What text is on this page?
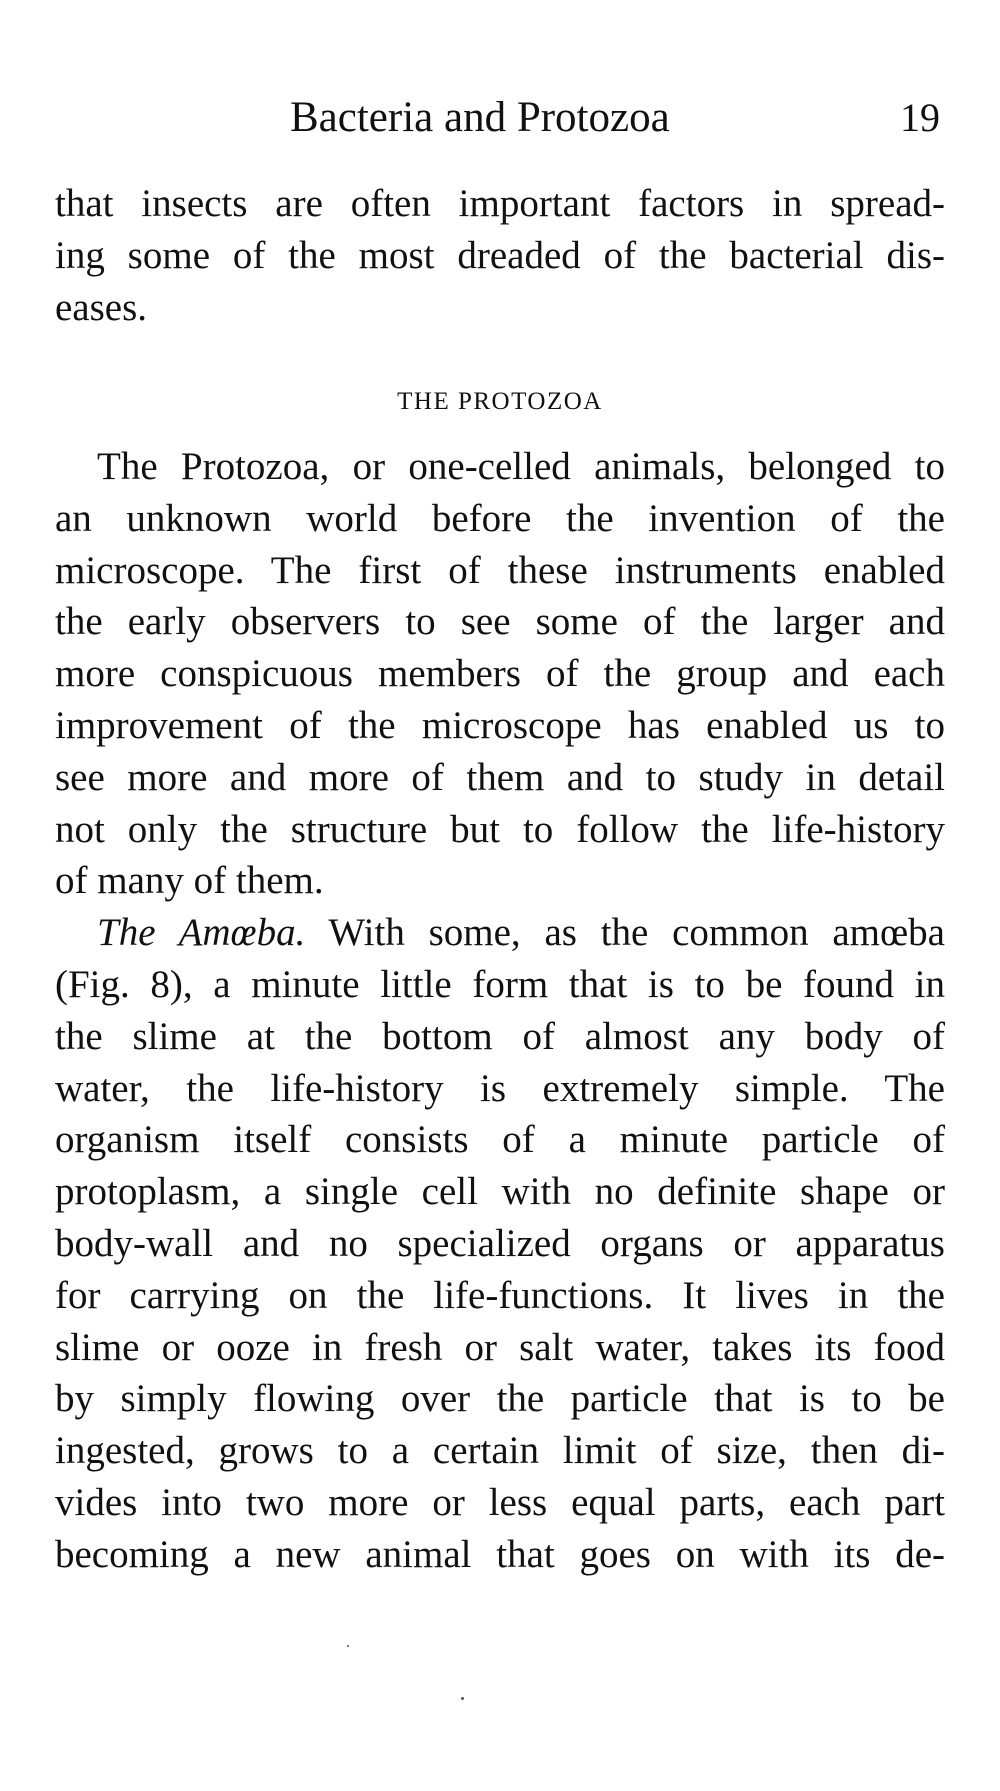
Bacteria and Protozoa	19
that insects are often important factors in spread-
ing some of the most dreaded of the bacterial dis-
eases.
THE PROTOZOA
The Protozoa, or one-celled animals, belonged to
an unknown world before the invention of the
microscope. The first of these instruments enabled
the early observers to see some of the larger and
more conspicuous members of the group and each
improvement of the microscope has enabled us to
see more and more of them and to study in detail
not only the structure but to follow the life-history
of many of them.
The Amœba. With some, as the common amœba
(Fig. 8), a minute little form that is to be found in
the slime at the bottom of almost any body of
water, the life-history is extremely simple. The
organism itself consists of a minute particle of
protoplasm, a single cell with no definite shape or
body-wall and no specialized organs or apparatus
for carrying on the life-functions. It lives in the
slime or ooze in fresh or salt water, takes its food
by simply flowing over the particle that is to be
ingested, grows to a certain limit of size, then di-
vides into two more or less equal parts, each part
becoming a new animal that goes on with its de-
